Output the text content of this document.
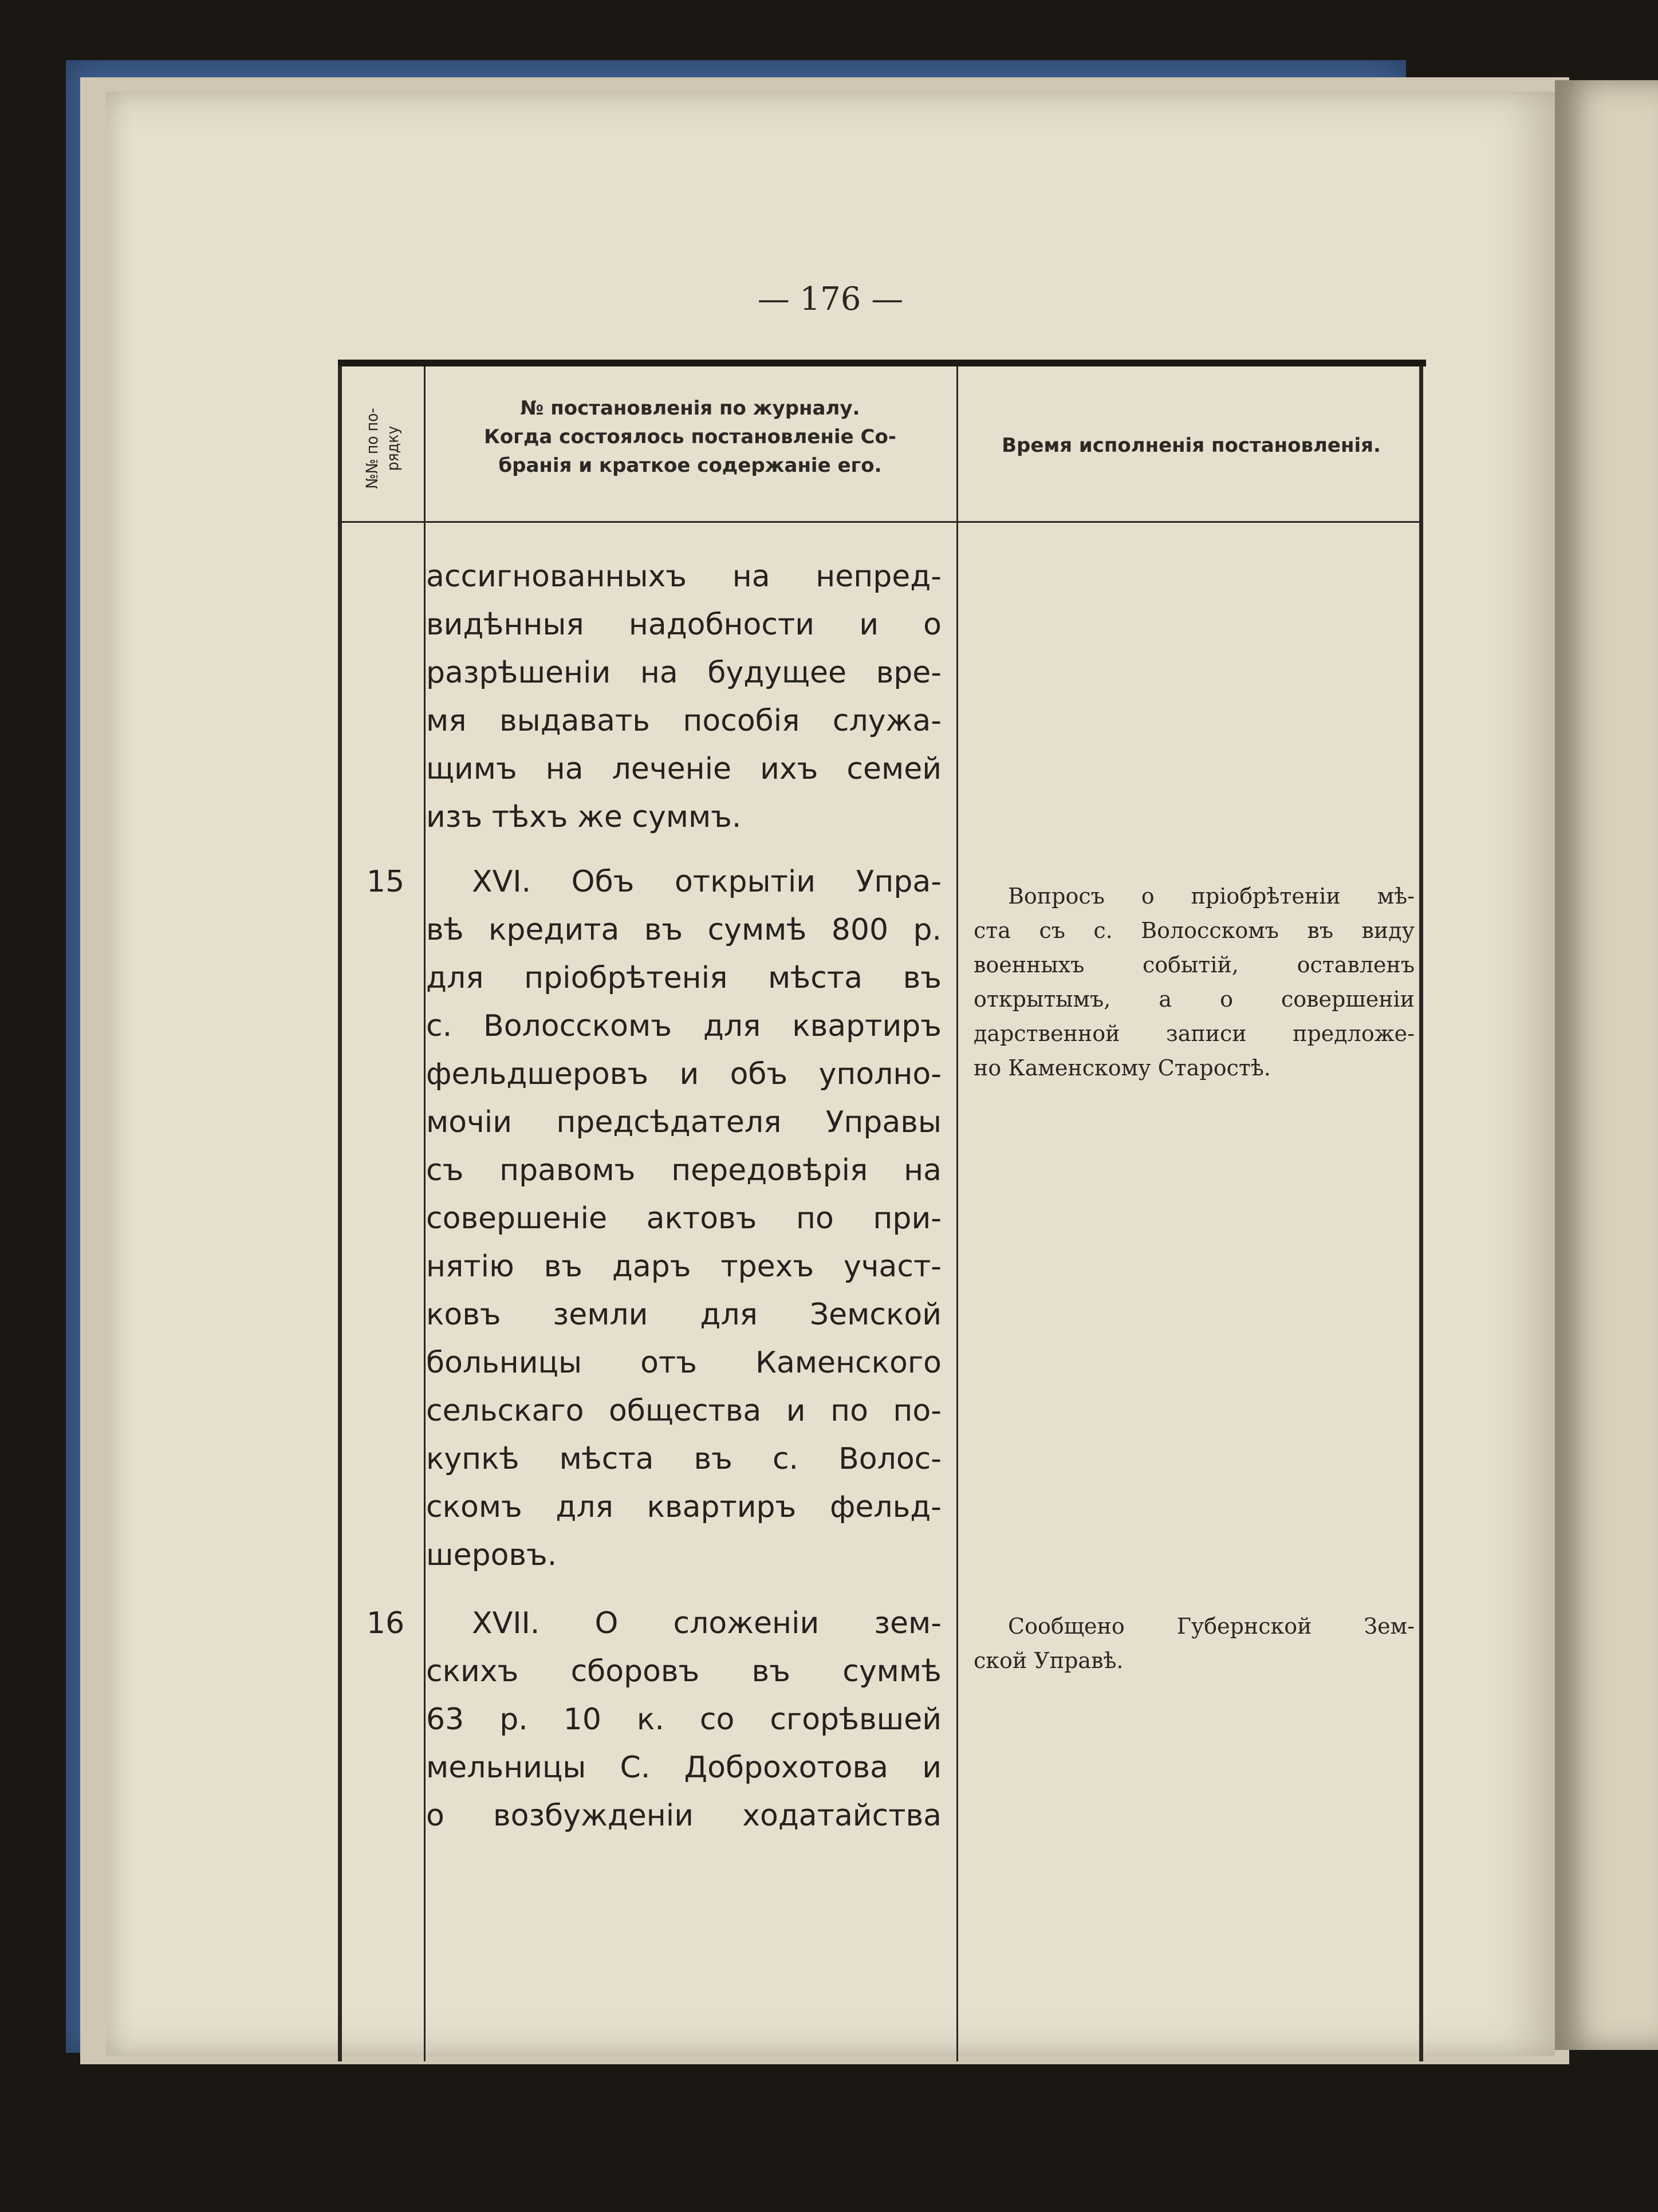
— 176 —
№№ по по- рядку
№ постановленія по журналу.
Когда состоялось постановленіе Со-
бранія и краткое содержаніе его.
Время исполненія постановленія.
ассигнованныхъ на непред-
видѣнныя надобности и о
разрѣшеніи на будущее вре-
мя выдавать пособія служа-
щимъ на леченіе ихъ семей
изъ тѣхъ же суммъ.
15	XVI. Объ открытіи Упра-
вѣ кредита въ суммѣ 800 р.
для пріобрѣтенія мѣста въ
с. Волосскомъ для квартиръ
фельдшеровъ и объ уполно-
мочіи предсѣдателя Управы
съ правомъ передовѣрія на
совершеніе актовъ по при-
нятію въ даръ трехъ участ-
ковъ земли для Земской
больницы отъ Каменского
сельскаго общества и по по-
купкѣ мѣста въ с. Волос-
скомъ для квартиръ фельд-
шеровъ.
Вопросъ о пріобрѣтеніи мѣ-
ста съ с. Волосскомъ въ виду
военныхъ событій, оставленъ
открытымъ, а о совершеніи
дарственной записи предложе-
но Каменскому Старостѣ.
16	XVII. О сложеніи зем-
скихъ сборовъ въ суммѣ
63 р. 10 к. со сгорѣвшей
мельницы С. Доброхотова и
о возбужденіи ходатайства
Сообщено Губернской Зем-
ской Управѣ.
